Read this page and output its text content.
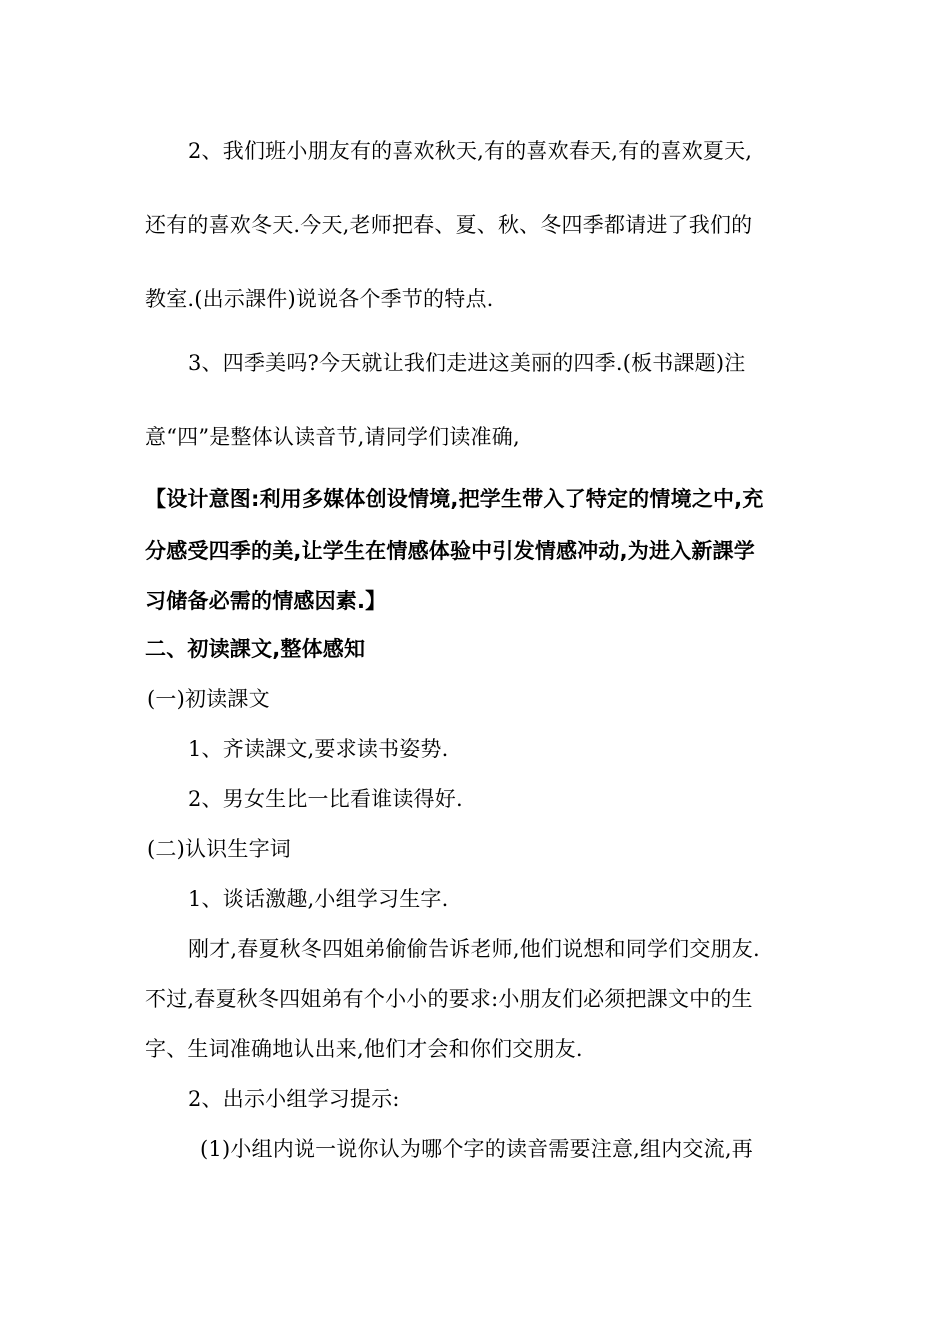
2、我们班小朋友有的喜欢秋天,有的喜欢春天,有的喜欢夏天,
还有的喜欢冬天.今天,老师把春、夏、秋、冬四季都请进了我们的
教室.(出示課件)说说各个季节的特点.
3、四季美吗?今天就让我们走进这美丽的四季.(板书課题)注
意“四”是整体认读音节,请同学们读准确,
【设计意图:利用多媒体创设情境,把学生带入了特定的情境之中,充
分感受四季的美,让学生在情感体验中引发情感冲动,为进入新課学
习储备必需的情感因素.】
二、初读課文,整体感知
(一)初读課文
1、齐读課文,要求读书姿势.
2、男女生比一比看谁读得好.
(二)认识生字词
1、谈话激趣,小组学习生字.
刚才,春夏秋冬四姐弟偷偷告诉老师,他们说想和同学们交朋友.
不过,春夏秋冬四姐弟有个小小的要求:小朋友们必须把課文中的生
字、生词准确地认出来,他们才会和你们交朋友.
2、出示小组学习提示:
(1)小组内说一说你认为哪个字的读音需要注意,组内交流,再
